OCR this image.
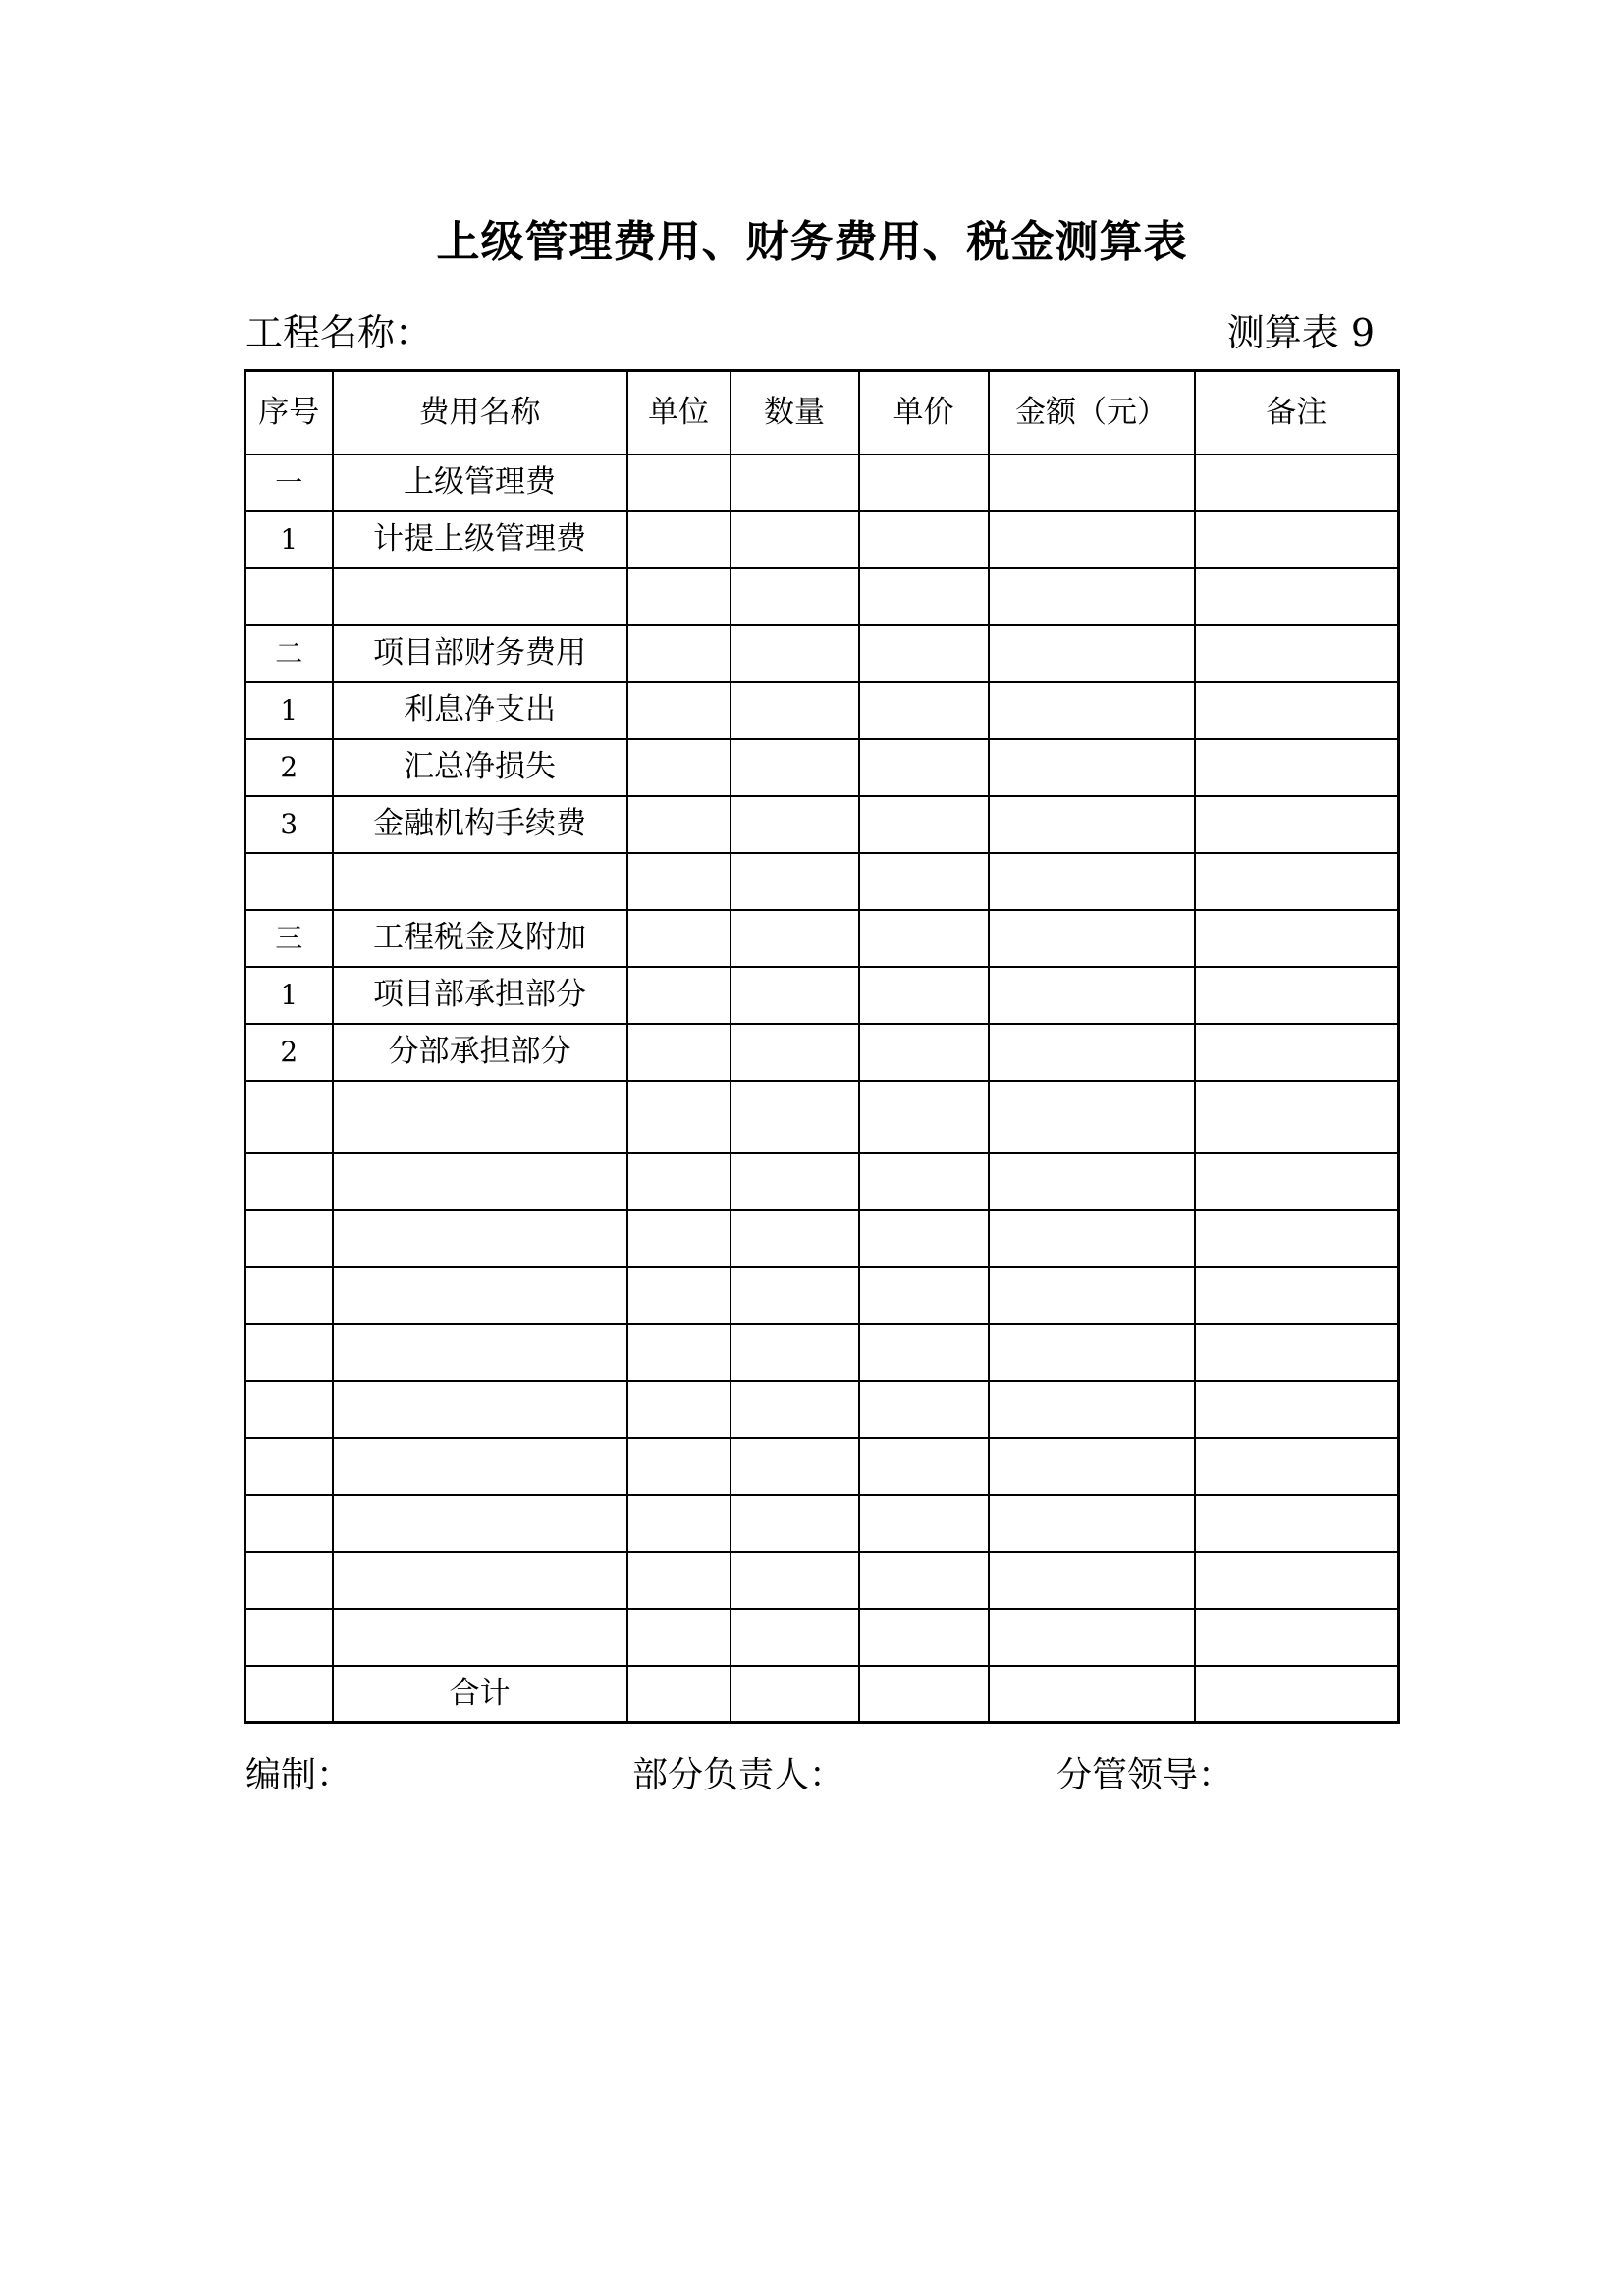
上级管理费用、财务费用、税金测算表
工程名称：	测算表 9
序号	费用名称	单位	数量	单价	金额（元）	备注
一	上级管理费					
1	计提上级管理费					

二	项目部财务费用					
1	利息净支出					
2	汇总净损失					
3	金融机构手续费					

三	工程税金及附加					
1	项目部承担部分					
2	分部承担部分					

	合计					
编制：	部分负责人：	分管领导：
